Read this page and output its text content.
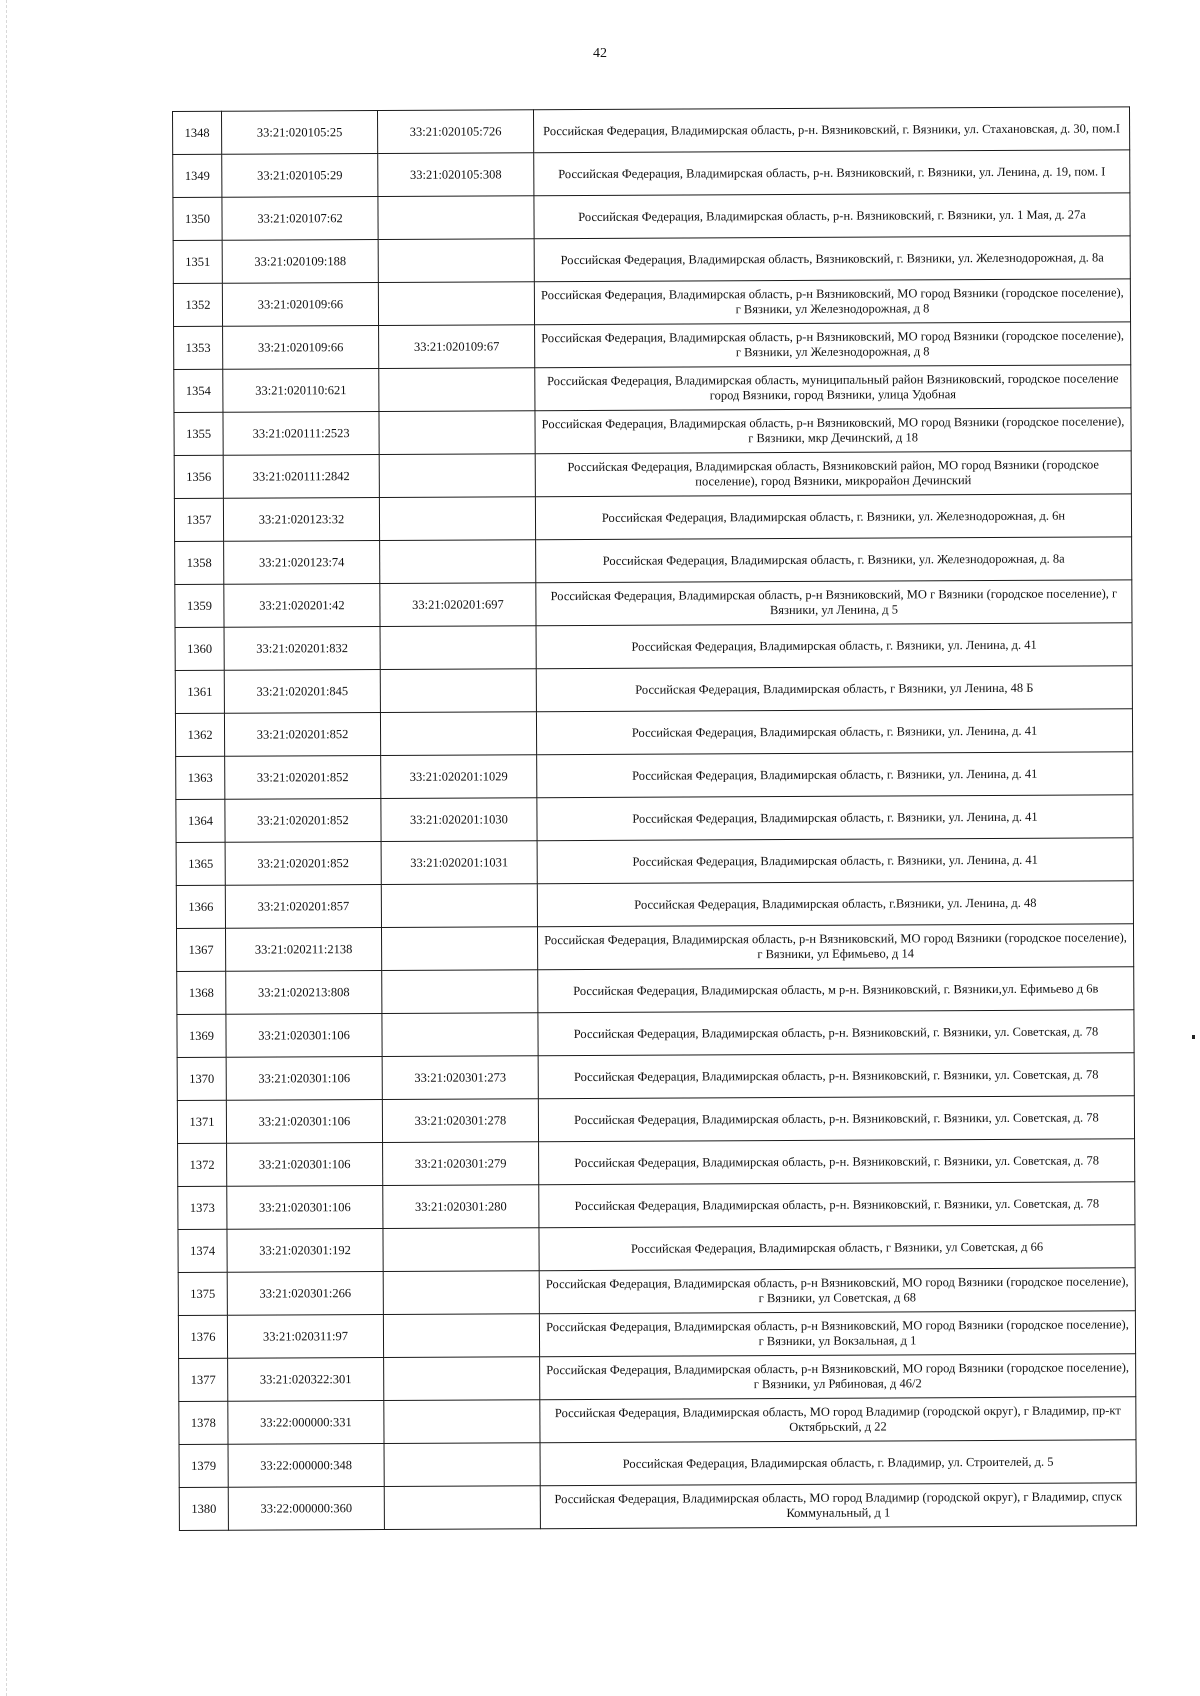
42
1348	33:21:020105:25	33:21:020105:726	Российская Федерация, Владимирская область, р-н. Вязниковский, г. Вязники, ул. Стахановская, д. 30, пом.I
1349	33:21:020105:29	33:21:020105:308	Российская Федерация, Владимирская область, р-н. Вязниковский, г. Вязники, ул. Ленина, д. 19, пом. I
1350	33:21:020107:62		Российская Федерация, Владимирская область, р-н. Вязниковский, г. Вязники, ул. 1 Мая, д. 27а
1351	33:21:020109:188		Российская Федерация, Владимирская область, Вязниковский, г. Вязники, ул. Железнодорожная, д. 8а
1352	33:21:020109:66		Российская Федерация, Владимирская область, р-н Вязниковский, МО город Вязники (городское поселение), г Вязники, ул Железнодорожная, д 8
1353	33:21:020109:66	33:21:020109:67	Российская Федерация, Владимирская область, р-н Вязниковский, МО город Вязники (городское поселение), г Вязники, ул Железнодорожная, д 8
1354	33:21:020110:621		Российская Федерация, Владимирская область, муниципальный район Вязниковский, городское поселение город Вязники, город Вязники, улица Удобная
1355	33:21:020111:2523		Российская Федерация, Владимирская область, р-н Вязниковский, МО город Вязники (городское поселение), г Вязники, мкр Дечинский, д 18
1356	33:21:020111:2842		Российская Федерация, Владимирская область, Вязниковский район, МО город Вязники (городское поселение), город Вязники, микрорайон Дечинский
1357	33:21:020123:32		Российская Федерация, Владимирская область, г. Вязники, ул. Железнодорожная, д. 6н
1358	33:21:020123:74		Российская Федерация, Владимирская область, г. Вязники, ул. Железнодорожная, д. 8а
1359	33:21:020201:42	33:21:020201:697	Российская Федерация, Владимирская область, р-н Вязниковский, МО г Вязники (городское поселение), г Вязники, ул Ленина, д 5
1360	33:21:020201:832		Российская Федерация, Владимирская область, г. Вязники, ул. Ленина, д. 41
1361	33:21:020201:845		Российская Федерация, Владимирская область, г Вязники, ул Ленина, 48 Б
1362	33:21:020201:852		Российская Федерация, Владимирская область, г. Вязники, ул. Ленина, д. 41
1363	33:21:020201:852	33:21:020201:1029	Российская Федерация, Владимирская область, г. Вязники, ул. Ленина, д. 41
1364	33:21:020201:852	33:21:020201:1030	Российская Федерация, Владимирская область, г. Вязники, ул. Ленина, д. 41
1365	33:21:020201:852	33:21:020201:1031	Российская Федерация, Владимирская область, г. Вязники, ул. Ленина, д. 41
1366	33:21:020201:857		Российская Федерация, Владимирская область, г.Вязники, ул. Ленина, д. 48
1367	33:21:020211:2138		Российская Федерация, Владимирская область, р-н Вязниковский, МО город Вязники (городское поселение), г Вязники, ул Ефимьево, д 14
1368	33:21:020213:808		Российская Федерация, Владимирская область, м р-н. Вязниковский, г. Вязники,ул. Ефимьево д 6в
1369	33:21:020301:106		Российская Федерация, Владимирская область, р-н. Вязниковский, г. Вязники, ул. Советская, д. 78
1370	33:21:020301:106	33:21:020301:273	Российская Федерация, Владимирская область, р-н. Вязниковский, г. Вязники, ул. Советская, д. 78
1371	33:21:020301:106	33:21:020301:278	Российская Федерация, Владимирская область, р-н. Вязниковский, г. Вязники, ул. Советская, д. 78
1372	33:21:020301:106	33:21:020301:279	Российская Федерация, Владимирская область, р-н. Вязниковский, г. Вязники, ул. Советская, д. 78
1373	33:21:020301:106	33:21:020301:280	Российская Федерация, Владимирская область, р-н. Вязниковский, г. Вязники, ул. Советская, д. 78
1374	33:21:020301:192		Российская Федерация, Владимирская область, г Вязники, ул Советская, д 66
1375	33:21:020301:266		Российская Федерация, Владимирская область, р-н Вязниковский, МО город Вязники (городское поселение), г Вязники, ул Советская, д 68
1376	33:21:020311:97		Российская Федерация, Владимирская область, р-н Вязниковский, МО город Вязники (городское поселение), г Вязники, ул Вокзальная, д 1
1377	33:21:020322:301		Российская Федерация, Владимирская область, р-н Вязниковский, МО город Вязники (городское поселение), г Вязники, ул Рябиновая, д 46/2
1378	33:22:000000:331		Российская Федерация, Владимирская область, МО город Владимир (городской округ), г Владимир, пр-кт Октябрьский, д 22
1379	33:22:000000:348		Российская Федерация, Владимирская область, г. Владимир, ул. Строителей, д. 5
1380	33:22:000000:360		Российская Федерация, Владимирская область, МО город Владимир (городской округ), г Владимир, спуск Коммунальный, д 1
